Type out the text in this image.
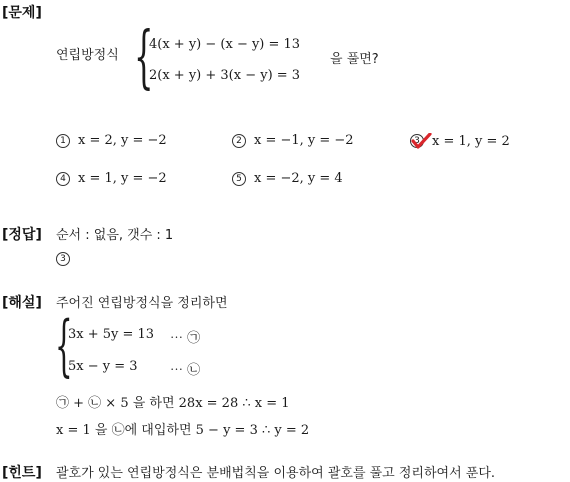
[문제]
연립방정식 {
4(x + y) − (x − y) = 13
2(x + y) + 3(x − y) = 3
을 풀면?
1 x = 2, y = −2	2 x = −1, y = −2	3 x = 1, y = 2
4 x = 1, y = −2	5 x = −2, y = 4
[정답] 순서 : 없음, 갯수 : 1
3
[해설] 주어진 연립방정식을 정리하면
{
3x + 5y = 13 ⋯ ㉠
5x − y = 3 ⋯ ㉡
㉠ + ㉡ × 5 을 하면 28x = 28 ∴ x = 1
x = 1 을 ㉡에 대입하면 5 − y = 3 ∴ y = 2
[힌트] 괄호가 있는 연립방정식은 분배법칙을 이용하여 괄호를 풀고 정리하여서 푼다.
